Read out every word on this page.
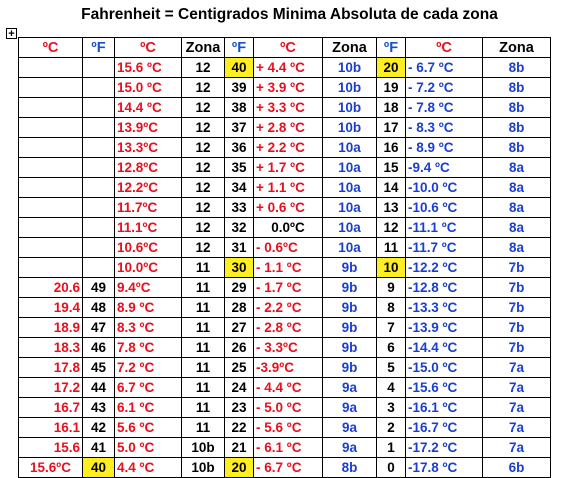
Fahrenheit = Centigrados Minima Absoluta de cada zona
+
ºC	ºF	ºC	Zona	ºF	ºC	Zona	ºF	ºC	Zona
		15.6 ºC	12	40	+ 4.4 ºC	10b	20	- 6.7 ºC	8b
		15.0 ºC	12	39	+ 3.9 ºC	10b	19	- 7.2 ºC	8b
		14.4 ºC	12	38	+ 3.3 ºC	10b	18	- 7.8 ºC	8b
		13.9ºC	12	37	+ 2.8 ºC	10b	17	- 8.3 ºC	8b
		13.3ºC	12	36	+ 2.2 ºC	10a	16	- 8.9 ºC	8b
		12.8ºC	12	35	+ 1.7 ºC	10a	15	-9.4 ºC	8a
		12.2ºC	12	34	+ 1.1 ºC	10a	14	-10.0 ºC	8a
		11.7ºC	12	33	+ 0.6 ºC	10a	13	-10.6 ºC	8a
		11.1ºC	12	32	0.0ºC	10a	12	-11.1 ºC	8a
		10.6ºC	12	31	- 0.6ºC	10a	11	-11.7 ºC	8a
		10.0ºC	11	30	- 1.1 ºC	9b	10	-12.2 ºC	7b
20.6	49	9.4ºC	11	29	- 1.7 ºC	9b	9	-12.8 ºC	7b
19.4	48	8.9 ºC	11	28	- 2.2 ºC	9b	8	-13.3 ºC	7b
18.9	47	8.3 ºC	11	27	- 2.8 ºC	9b	7	-13.9 ºC	7b
18.3	46	7.8 ºC	11	26	- 3.3ºC	9b	6	-14.4 ºC	7b
17.8	45	7.2 ºC	11	25	-3.9ºC	9b	5	-15.0 ºC	7a
17.2	44	6.7 ºC	11	24	- 4.4 ºC	9a	4	-15.6 ºC	7a
16.7	43	6.1 ºC	11	23	- 5.0 ºC	9a	3	-16.1 ºC	7a
16.1	42	5.6 ºC	11	22	- 5.6 ºC	9a	2	-16.7 ºC	7a
15.6	41	5.0 ºC	10b	21	- 6.1 ºC	9a	1	-17.2 ºC	7a
15.6ºC	40	4.4 ºC	10b	20	- 6.7 ºC	8b	0	-17.8 ºC	6b
